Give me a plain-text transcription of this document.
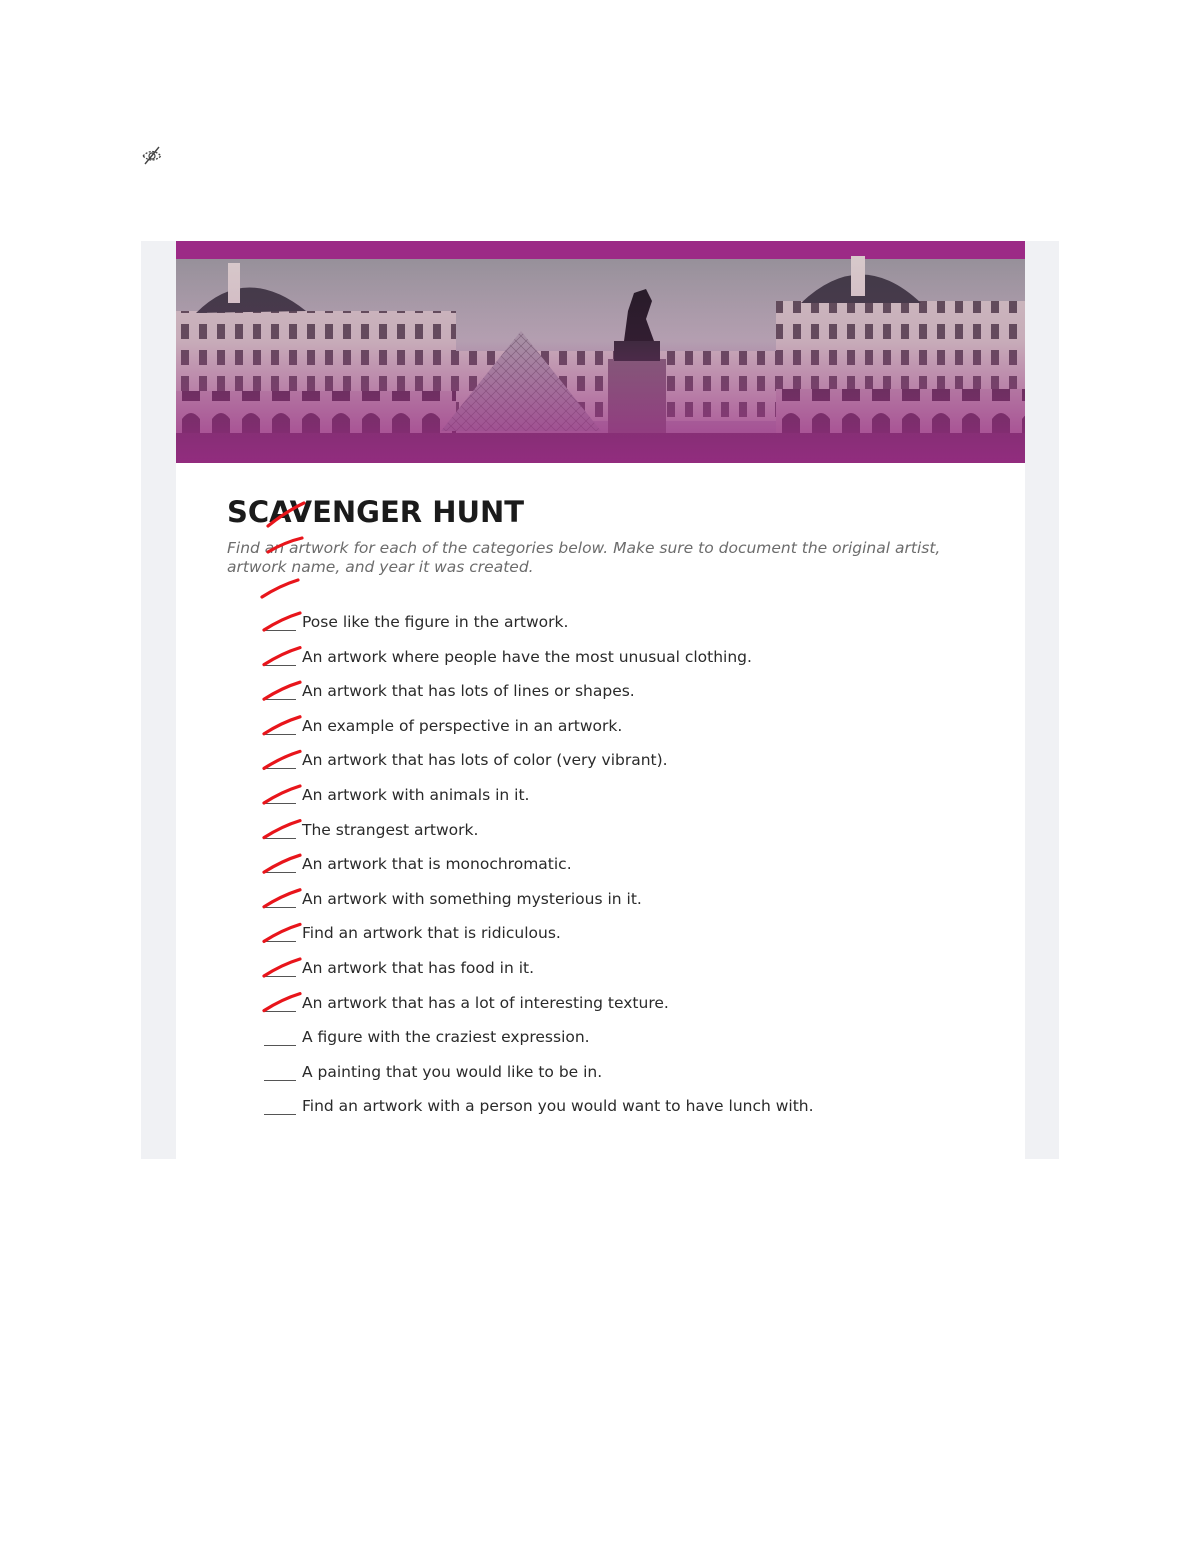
SCAVENGER HUNT

Find an artwork for each of the categories below. Make sure to document the original artist,
artwork name, and year it was created.

Pose like the figure in the artwork.
An artwork where people have the most unusual clothing.
An artwork that has lots of lines or shapes.
An example of perspective in an artwork.
An artwork that has lots of color (very vibrant).
An artwork with animals in it.
The strangest artwork.
An artwork that is monochromatic.
An artwork with something mysterious in it.
Find an artwork that is ridiculous.
An artwork that has food in it.
An artwork that has a lot of interesting texture.
A figure with the craziest expression.
A painting that you would like to be in.
Find an artwork with a person you would want to have lunch with.
